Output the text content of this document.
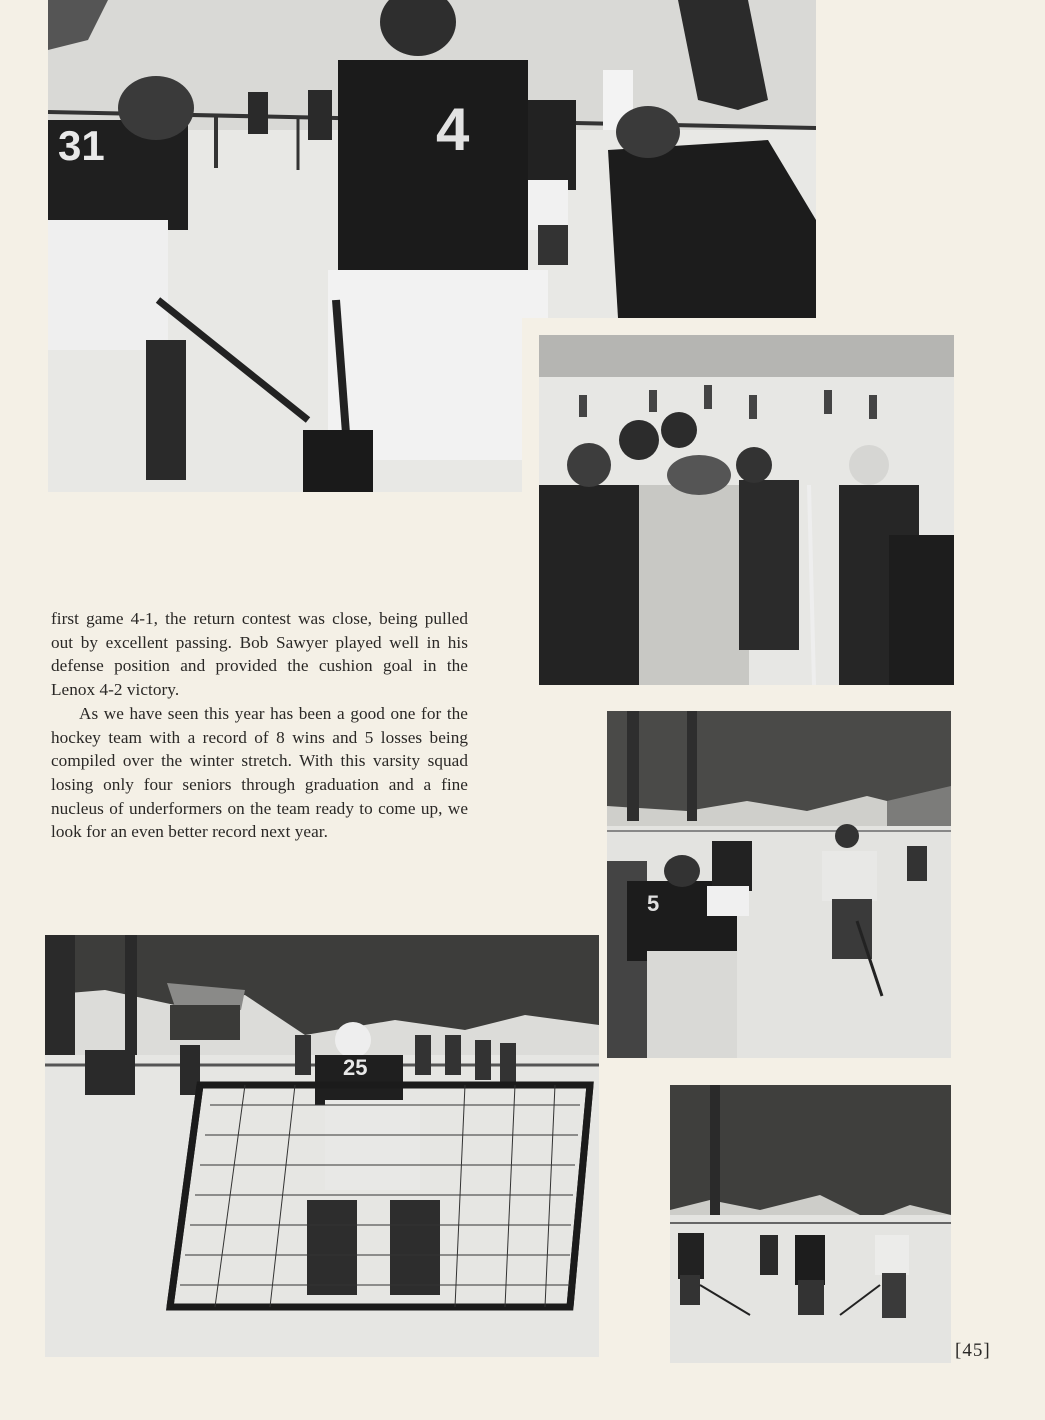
31	4
5
25

first game 4-1, the return contest was close, being pulled out by excellent passing. Bob Sawyer played well in his defense position and provided the cushion goal in the Lenox 4-2 victory.

As we have seen this year has been a good one for the hockey team with a record of 8 wins and 5 losses being compiled over the winter stretch. With this varsity squad losing only four seniors through graduation and a fine nucleus of underformers on the team ready to come up, we look for an even better record next year.

[45]
